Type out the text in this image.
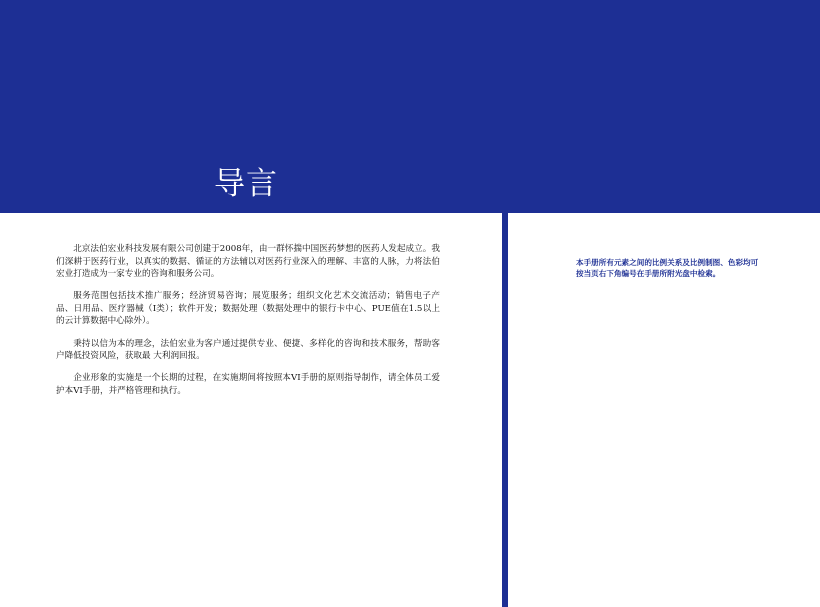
导言

北京法伯宏业科技发展有限公司创建于2008年，由一群怀揣中国医药梦想的医药人发起成立。我们深耕于医药行业，以真实的数据、循证的方法辅以对医药行业深入的理解、丰富的人脉，力将法伯宏业打造成为一家专业的咨询和服务公司。

服务范围包括技术推广服务；经济贸易咨询；展览服务；组织文化艺术交流活动；销售电子产品、日用品、医疗器械（Ⅰ类）；软件开发；数据处理（数据处理中的银行卡中心、PUE值在1.5以上的云计算数据中心除外）。

秉持以信为本的理念，法伯宏业为客户通过提供专业、便捷、多样化的咨询和技术服务，帮助客户降低投资风险，获取最 大利润回报。

企业形象的实施是一个长期的过程，在实施期间将按照本VI手册的原则指导制作，请全体员工爱护本VI手册，并严格管理和执行。

本手册所有元素之间的比例关系及比例制图、色彩均可按当页右下角编号在手册所附光盘中检索。
